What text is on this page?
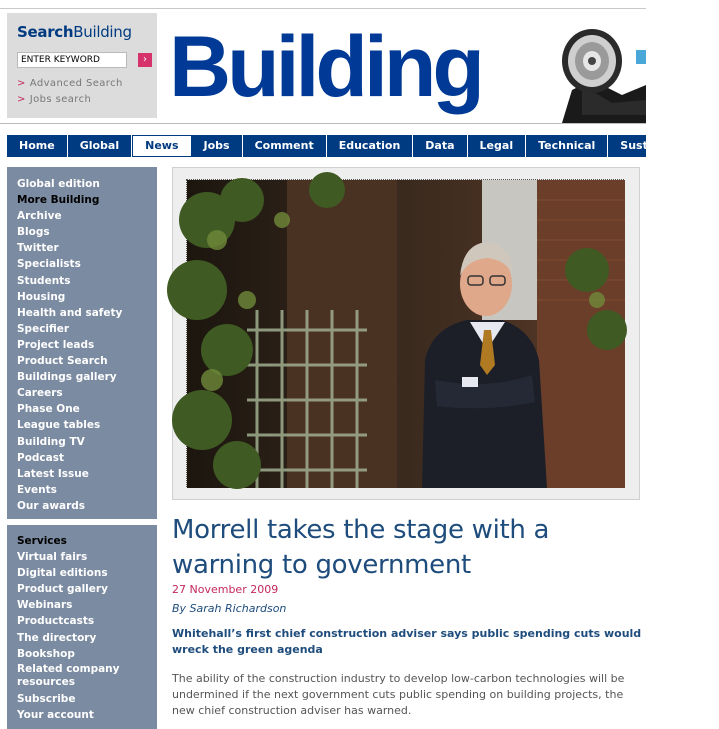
SearchBuilding
ENTER KEYWORD
›
> Advanced Search
> Jobs search Building
Home	Global	News	Jobs	Comment	Education	Data	Legal	Technical	Sustainability
Global edition
More Building
Archive
Blogs
Twitter
Specialists
Students
Housing
Health and safety
Specifier
Project leads
Product Search
Buildings gallery
Careers
Phase One
League tables
Building TV
Podcast
Latest Issue
Events
Our awards
Services
Virtual fairs
Digital editions
Product gallery
Webinars
Productcasts
The directory
Bookshop
Related company resources
Subscribe
Your account
Morrell takes the stage with a warning to government
27 November 2009
By Sarah Richardson
Whitehall’s first chief construction adviser says public spending cuts would wreck the green agenda
The ability of the construction industry to develop low-carbon technologies will be undermined if the next government cuts public spending on building projects, the new chief construction adviser has warned.
